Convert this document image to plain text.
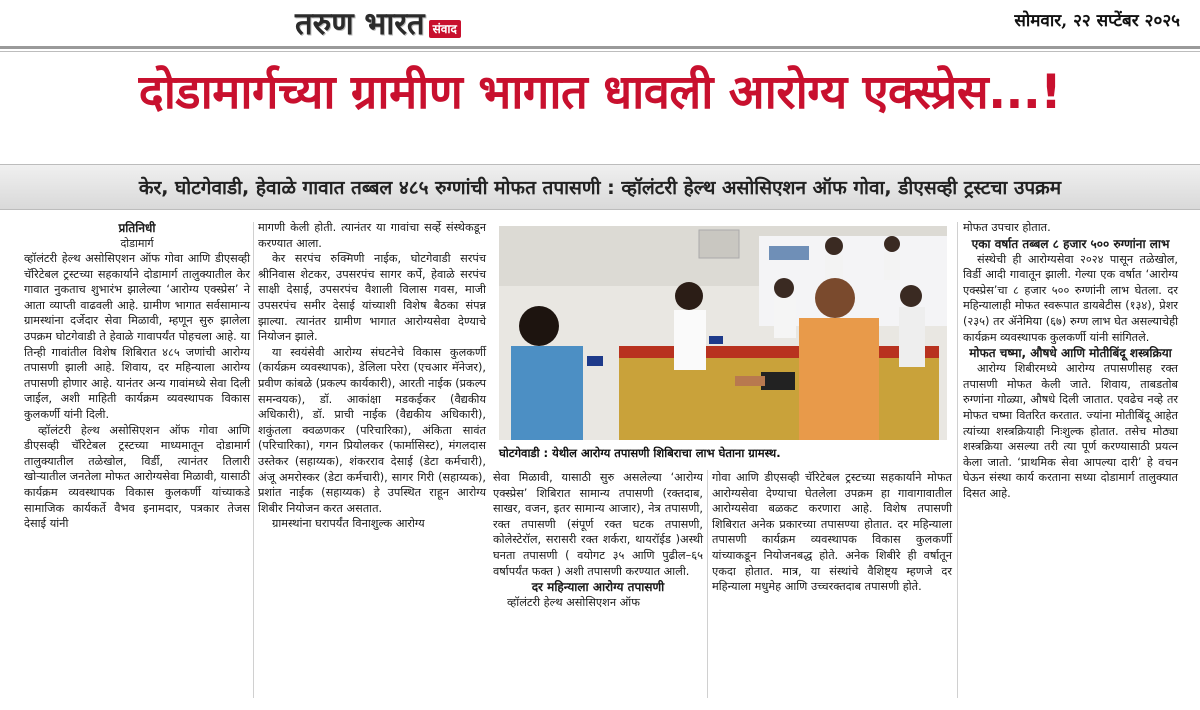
तरुण भारत संवाद	सोमवार, २२ सप्टेंबर २०२५
दोडामार्गच्या ग्रामीण भागात धावली आरोग्य एक्स्प्रेस...!
केर, घोटगेवाडी, हेवाळे गावात तब्बल ४८५ रुग्णांची मोफत तपासणी : व्हॉलंटरी हेल्थ असोसिएशन ऑफ गोवा, डीएसव्ही ट्रस्टचा उपक्रम
प्रतिनिधी
दोडामार्ग

व्हॉलंटरी हेल्थ असोसिएशन ऑफ गोवा आणि डीएसव्ही चॅरिटेबल ट्रस्टच्या सहकार्याने दोडामार्ग तालुक्यातील केर गावात नुकताच शुभारंभ झालेल्या ‘आरोग्य एक्स्प्रेस’ ने आता व्याप्ती वाढवली आहे. ग्रामीण भागात सर्वसामान्य ग्रामस्थांना दर्जेदार सेवा मिळावी, म्हणून सुरु झालेला उपक्रम घोटगेवाडी ते हेवाळे गावापर्यंत पोहचला आहे. या तिन्ही गावांतील विशेष शिबिरात ४८५ जणांची आरोग्य तपासणी झाली आहे. शिवाय, दर महिन्याला आरोग्य तपासणी होणार आहे. यानंतर अन्य गावांमध्ये सेवा दिली जाईल, अशी माहिती कार्यक्रम व्यवस्थापक विकास कुलकर्णी यांनी दिली.

व्हॉलंटरी हेल्थ असोसिएशन ऑफ गोवा आणि डीएसव्ही चॅरिटेबल ट्रस्टच्या माध्यमातून दोडामार्ग तालुक्यातील तळेखोल, विर्डी, त्यानंतर तिलारी खोऱ्यातील जनतेला मोफत आरोग्यसेवा मिळावी, यासाठी कार्यक्रम व्यवस्थापक विकास कुलकर्णी यांच्याकडे सामाजिक कार्यकर्ते वैभव इनामदार, पत्रकार तेजस देसाई यांनी

मागणी केली होती. त्यानंतर या गावांचा सर्व्हे संस्थेकडून करण्यात आला.

केर सरपंच रुक्मिणी नाईक, घोटगेवाडी सरपंच श्रीनिवास शेटकर, उपसरपंच सागर कर्पे, हेवाळे सरपंच साक्षी देसाई, उपसरपंच वैशाली विलास गवस, माजी उपसरपंच समीर देसाई यांच्याशी विशेष बैठका संपन्न झाल्या. त्यानंतर ग्रामीण भागात आरोग्यसेवा देण्याचे नियोजन झाले.

या स्वयंसेवी आरोग्य संघटनेचे विकास कुलकर्णी (कार्यक्रम व्यवस्थापक), डेलिला परेरा (एचआर मॅनेजर), प्रवीण कांबळे (प्रकल्प कार्यकारी), आरती नाईक (प्रकल्प समन्वयक), डॉ. आकांक्षा मडकईकर (वैद्यकीय अधिकारी), डॉ. प्राची नाईक (वैद्यकीय अधिकारी), शकुंतला क्वळणकर (परिचारिका), अंकिता सावंत (परिचारिका), गगन प्रियोलकर (फार्मासिस्ट), मंगलदास उस्तेकर (सहाय्यक), शंकरराव देसाई (डेटा कर्मचारी), अंजू अमरोस्कर (डेटा कर्मचारी), सागर गिरी (सहाय्यक), प्रशांत नाईक (सहाय्यक) हे उपस्थित राहून आरोग्य शिबीर नियोजन करत असतात.

ग्रामस्थांना घरापर्यंत विनाशुल्क आरोग्य

घोटगेवाडी : येथील आरोग्य तपासणी शिबिराचा लाभ घेताना ग्रामस्थ.

सेवा मिळावी, यासाठी सुरु असलेल्या ‘आरोग्य एक्स्प्रेस’ शिबिरात सामान्य तपासणी (रक्तदाब, साखर, वजन, इतर सामान्य आजार), नेत्र तपासणी, रक्त तपासणी (संपूर्ण रक्त घटक तपासणी, कोलेस्टेरॉल, सरासरी रक्त शर्करा, थायरॉईड )अस्थी घनता तपासणी ( वयोगट ३५ आणि पुढील–६५ वर्षापर्यंत फक्त ) अशी तपासणी करण्यात आली.

दर महिन्याला आरोग्य तपासणी

व्हॉलंटरी हेल्थ असोसिएशन ऑफ

गोवा आणि डीएसव्ही चॅरिटेबल ट्रस्टच्या सहकार्याने मोफत आरोग्यसेवा देण्याचा घेतलेला उपक्रम हा गावागावातील आरोग्यसेवा बळकट करणारा आहे. विशेष तपासणी शिबिरात अनेक प्रकारच्या तपासण्या होतात. दर महिन्याला तपासणी कार्यक्रम व्यवस्थापक विकास कुलकर्णी यांच्याकडून नियोजनबद्ध होते. अनेक शिबीरे ही वर्षातून एकदा होतात. मात्र, या संस्थांचे वैशिष्ट्य म्हणजे दर महिन्याला मधुमेह आणि उच्चरक्तदाब तपासणी होते.

मोफत उपचार होतात.

एका वर्षात तब्बल ८ हजार ५०० रुग्णांना लाभ

संस्थेची ही आरोग्यसेवा २०२४ पासून तळेखोल, विर्डी आदी गावातून झाली. गेल्या एक वर्षात ‘आरोग्य एक्स्प्रेस’चा ८ हजार ५०० रुग्णांनी लाभ घेतला. दर महिन्यालाही मोफत स्वरूपात डायबेटीस (१३४), प्रेशर (२३५) तर ॲनेमिया (६७) रुग्ण लाभ घेत असल्याचेही कार्यक्रम व्यवस्थापक कुलकर्णी यांनी सांगितले.

मोफत चष्मा, औषधे आणि मोतीबिंदू शस्त्रक्रिया

आरोग्य शिबीरमध्ये आरोग्य तपासणीसह रक्त तपासणी मोफत केली जाते. शिवाय, ताबडतोब रुग्णांना गोळ्या, औषधे दिली जातात. एवढेच नव्हे तर मोफत चष्मा वितरित करतात. ज्यांना मोतीबिंदू आहेत त्यांच्या शस्त्रक्रियाही निःशुल्क होतात. तसेच मोठ्या शस्त्रक्रिया असल्या तरी त्या पूर्ण करण्यासाठी प्रयत्न केला जातो. ‘प्राथमिक सेवा आपल्या दारी’ हे वचन घेऊन संस्था कार्य करताना सध्या दोडामार्ग तालुक्यात दिसत आहे.
